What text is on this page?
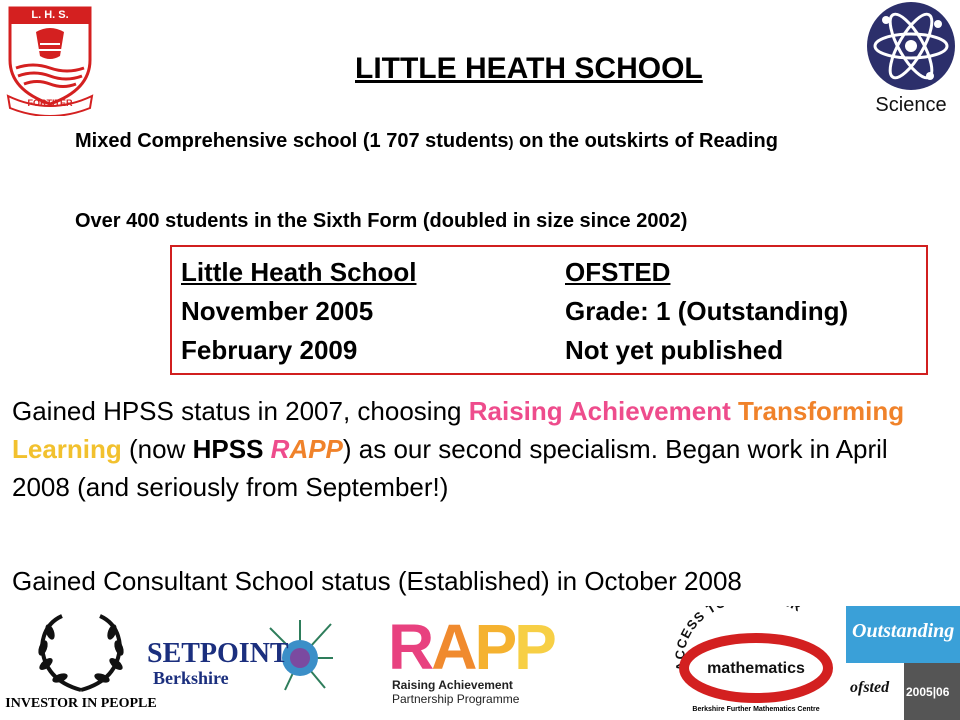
L. H. S.
FORTITER	Science
LITTLE HEATH SCHOOL
Mixed Comprehensive school (1 707 students) on the outskirts of Reading
Over 400 students in the Sixth Form (doubled in size since 2002)
Little Heath School	OFSTED
November 2005	Grade: 1 (Outstanding)
February 2009	Not yet published
Gained HPSS status in 2007, choosing Raising Achievement Transforming Learning (now HPSS RAPP) as our second specialism. Began work in April 2008 (and seriously from September!)
Gained Consultant School status (Established) in October 2008
INVESTOR IN PEOPLE
SETPOINT
Berkshire RAPP
Raising Achievement
Partnership Programme
ACCESS T
mathematics
Berkshire Further Mathematics Centre
Outstanding
ofsted 2005|06
